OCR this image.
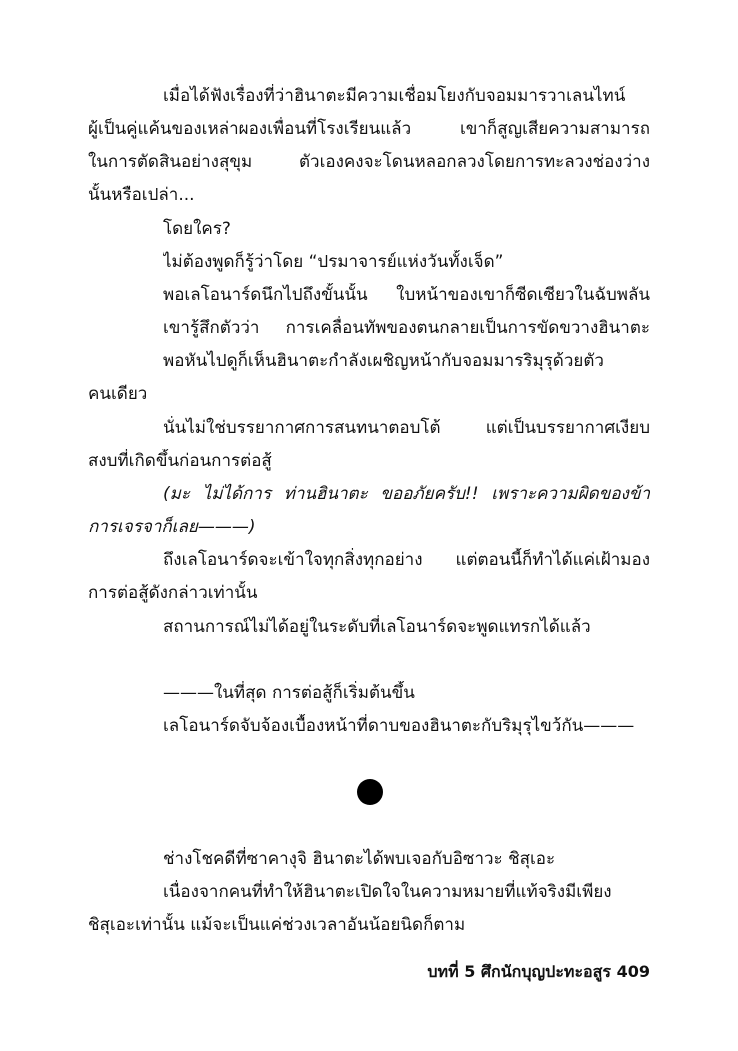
เมื่อได้ฟังเรื่องที่ว่าฮินาตะมีความเชื่อมโยงกับจอมมารวาเลนไทน์
ผู้เป็นคู่แค้นของเหล่าผองเพื่อนที่โรงเรียนแล้ว เขาก็สูญเสียความสามารถ
ในการตัดสินอย่างสุขุม ตัวเองคงจะโดนหลอกลวงโดยการทะลวงช่องว่าง
นั้นหรือเปล่า...
โดยใคร?
ไม่ต้องพูดก็รู้ว่าโดย “ปรมาจารย์แห่งวันทั้งเจ็ด”
พอเลโอนาร์ดนึกไปถึงขั้นนั้น ใบหน้าของเขาก็ซีดเซียวในฉับพลัน
เขารู้สึกตัวว่า การเคลื่อนทัพของตนกลายเป็นการขัดขวางฮินาตะ
พอหันไปดูก็เห็นฮินาตะกำลังเผชิญหน้ากับจอมมารริมุรุด้วยตัว
คนเดียว
นั่นไม่ใช่บรรยากาศการสนทนาตอบโต้ แต่เป็นบรรยากาศเงียบ
สงบที่เกิดขึ้นก่อนการต่อสู้
(มะ ไม่ได้การ ท่านฮินาตะ ขออภัยครับ!! เพราะความผิดของข้า
การเจรจาก็เลย———)
ถึงเลโอนาร์ดจะเข้าใจทุกสิ่งทุกอย่าง แต่ตอนนี้ก็ทำได้แค่เฝ้ามอง
การต่อสู้ดังกล่าวเท่านั้น
สถานการณ์ไม่ได้อยู่ในระดับที่เลโอนาร์ดจะพูดแทรกได้แล้ว
———ในที่สุด การต่อสู้ก็เริ่มต้นขึ้น
เลโอนาร์ดจับจ้องเบื้องหน้าที่ดาบของฮินาตะกับริมุรุไขว้กัน———
ช่างโชคดีที่ซาคางุจิ ฮินาตะได้พบเจอกับอิซาวะ ชิสุเอะ
เนื่องจากคนที่ทำให้ฮินาตะเปิดใจในความหมายที่แท้จริงมีเพียง
ชิสุเอะเท่านั้น แม้จะเป็นแค่ช่วงเวลาอันน้อยนิดก็ตาม
บทที่ 5 ศึกนักบุญปะทะอสูร 409
